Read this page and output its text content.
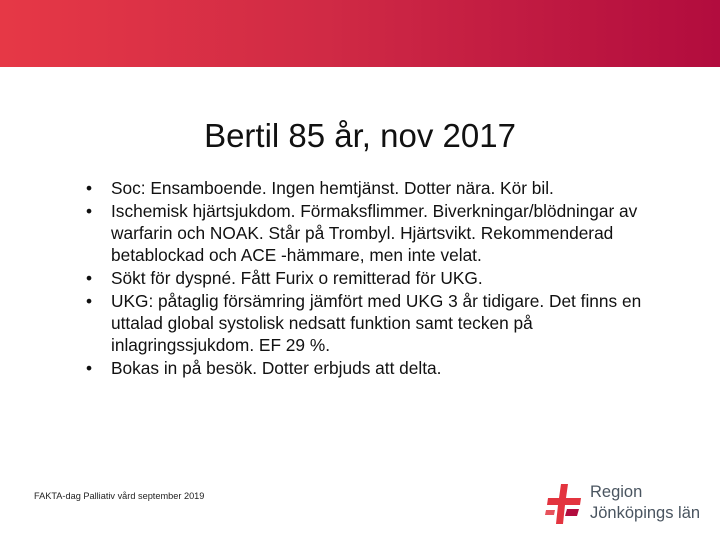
Bertil 85 år, nov 2017
• Soc: Ensamboende. Ingen hemtjänst. Dotter nära. Kör bil.
• Ischemisk hjärtsjukdom. Förmaksflimmer. Biverkningar/blödningar av warfarin och NOAK. Står på Trombyl. Hjärtsvikt. Rekommenderad betablockad och ACE -hämmare, men inte velat.
• Sökt för dyspné. Fått Furix o remitterad för UKG.
• UKG: påtaglig försämring jämfört med UKG 3 år tidigare. Det finns en uttalad global systolisk nedsatt funktion samt tecken på inlagringssjukdom. EF 29 %.
• Bokas in på besök. Dotter erbjuds att delta.
FAKTA-dag Palliativ vård september 2019	Region
Jönköpings län
